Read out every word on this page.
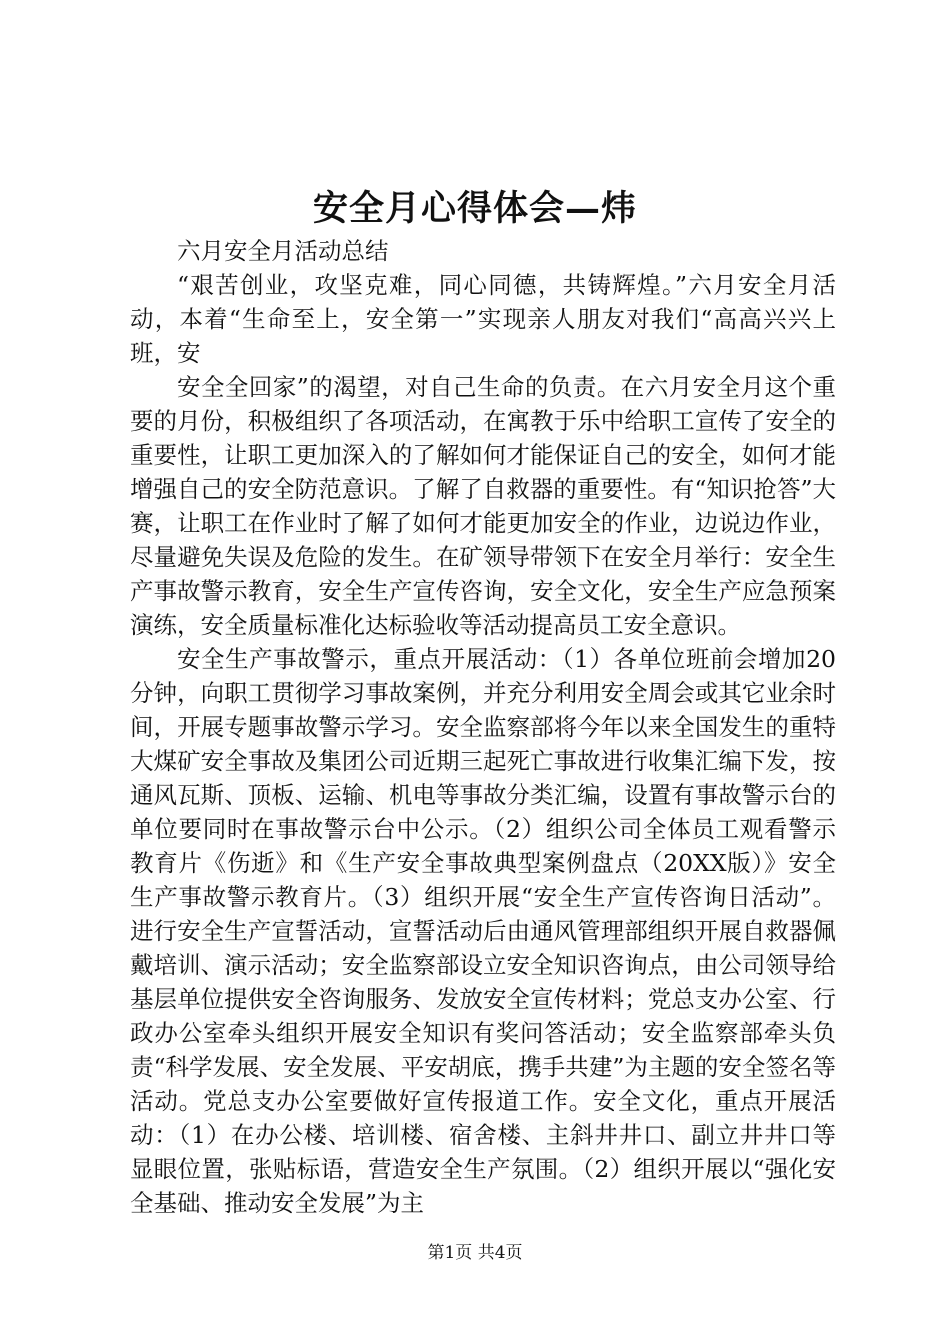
安全月心得体会—炜

六月安全月活动总结

“艰苦创业，攻坚克难，同心同德，共铸辉煌。”六月安全月活动，本着“生命至上，安全第一”实现亲人朋友对我们“高高兴兴上班，安

安全全回家”的渴望，对自己生命的负责。在六月安全月这个重要的月份，积极组织了各项活动，在寓教于乐中给职工宣传了安全的重要性，让职工更加深入的了解如何才能保证自己的安全，如何才能增强自己的安全防范意识。了解了自救器的重要性。有“知识抢答”大赛，让职工在作业时了解了如何才能更加安全的作业，边说边作业，尽量避免失误及危险的发生。在矿领导带领下在安全月举行：安全生产事故警示教育，安全生产宣传咨询，安全文化，安全生产应急预案演练，安全质量标准化达标验收等活动提高员工安全意识。

安全生产事故警示，重点开展活动：（1）各单位班前会增加20分钟，向职工贯彻学习事故案例，并充分利用安全周会或其它业余时间，开展专题事故警示学习。安全监察部将今年以来全国发生的重特大煤矿安全事故及集团公司近期三起死亡事故进行收集汇编下发，按通风瓦斯、顶板、运输、机电等事故分类汇编，设置有事故警示台的单位要同时在事故警示台中公示。（2）组织公司全体员工观看警示教育片《伤逝》和《生产安全事故典型案例盘点（20XX版）》安全生产事故警示教育片。（3）组织开展“安全生产宣传咨询日活动”。进行安全生产宣誓活动，宣誓活动后由通风管理部组织开展自救器佩戴培训、演示活动；安全监察部设立安全知识咨询点，由公司领导给基层单位提供安全咨询服务、发放安全宣传材料；党总支办公室、行政办公室牵头组织开展安全知识有奖问答活动；安全监察部牵头负责“科学发展、安全发展、平安胡底，携手共建”为主题的安全签名等活动。党总支办公室要做好宣传报道工作。安全文化，重点开展活动：（1）在办公楼、培训楼、宿舍楼、主斜井井口、副立井井口等显眼位置，张贴标语，营造安全生产氛围。（2）组织开展以“强化安全基础、推动安全发展”为主

第1页 共4页
